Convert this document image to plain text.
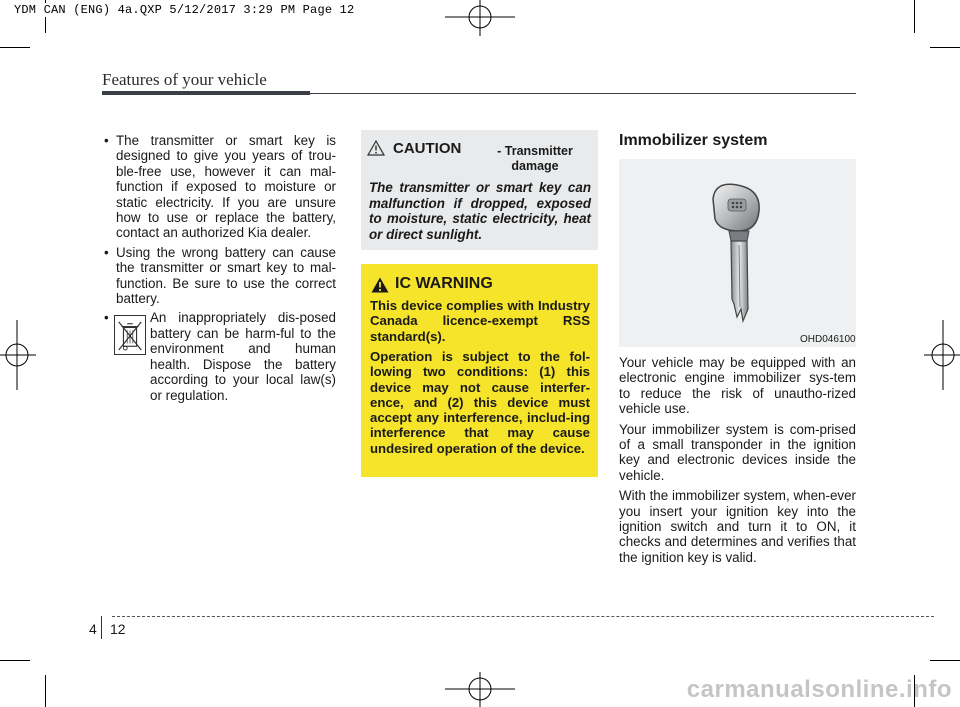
YDM CAN (ENG) 4a.QXP 5/12/2017 3:29 PM Page 12
Features of your vehicle
• The transmitter or smart key is designed to give you years of trou-ble-free use, however it can mal-function if exposed to moisture or static electricity. If you are unsure how to use or replace the battery, contact an authorized Kia dealer.
• Using the wrong battery can cause the transmitter or smart key to mal-function. Be sure to use the correct battery.
•	An inappropriately dis-posed battery can be harm-ful to the environment and human health. Dispose the battery according to your local law(s) or regulation.
CAUTION	- Transmitter damage
The transmitter or smart key can malfunction if dropped, exposed to moisture, static electricity, heat or direct sunlight.
IC WARNING
This device complies with Industry Canada licence-exempt RSS standard(s).
Operation is subject to the fol-lowing two conditions: (1) this device may not cause interfer-ence, and (2) this device must accept any interference, includ-ing interference that may cause undesired operation of the device.
Immobilizer system
OHD046100

Your vehicle may be equipped with an electronic engine immobilizer sys-tem to reduce the risk of unautho-rized vehicle use.

Your immobilizer system is com-prised of a small transponder in the ignition key and electronic devices inside the vehicle.

With the immobilizer system, when-ever you insert your ignition key into the ignition switch and turn it to ON, it checks and determines and verifies that the ignition key is valid.

4 12
carmanualsonline.info
